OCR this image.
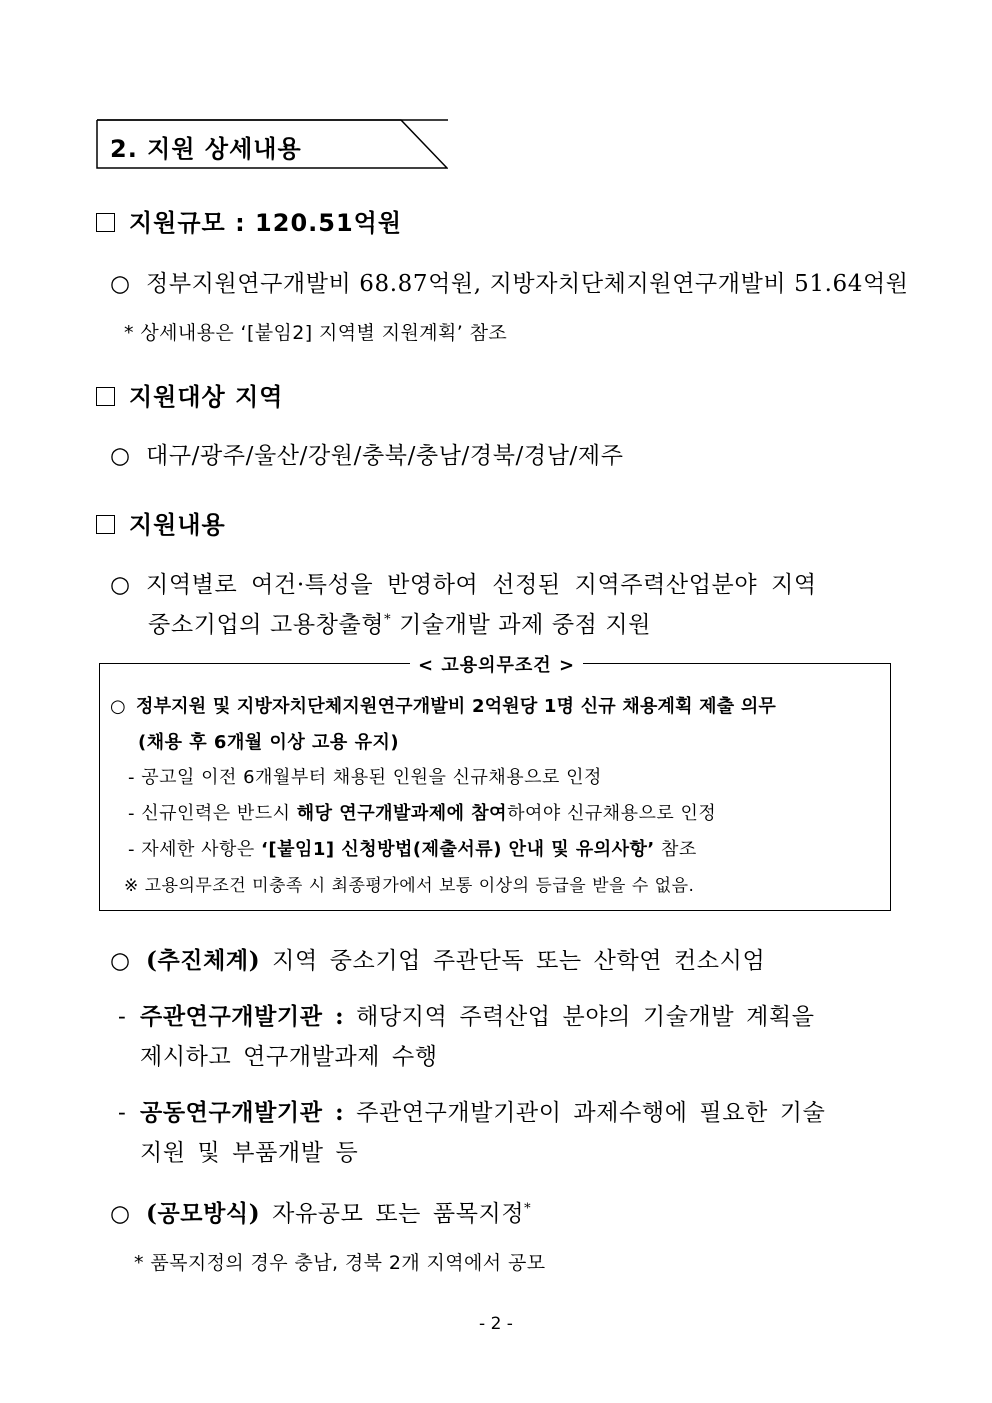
2. 지원 상세내용
지원규모 : 120.51억원
○ 정부지원연구개발비 68.87억원, 지방자치단체지원연구개발비 51.64억원
* 상세내용은 ‘[붙임2] 지역별 지원계획’ 참조
지원대상 지역
○ 대구/광주/울산/강원/충북/충남/경북/경남/제주
지원내용
○ 지역별로 여건·특성을 반영하여 선정된 지역주력산업분야 지역
중소기업의 고용창출형* 기술개발 과제 중점 지원
< 고용의무조건 >
○ 정부지원 및 지방자치단체지원연구개발비 2억원당 1명 신규 채용계획 제출 의무
(채용 후 6개월 이상 고용 유지)
- 공고일 이전 6개월부터 채용된 인원을 신규채용으로 인정
- 신규인력은 반드시 해당 연구개발과제에 참여하여야 신규채용으로 인정
- 자세한 사항은 ‘[붙임1] 신청방법(제출서류) 안내 및 유의사항’ 참조
※ 고용의무조건 미충족 시 최종평가에서 보통 이상의 등급을 받을 수 없음.
○ (추진체계) 지역 중소기업 주관단독 또는 산학연 컨소시엄
- 주관연구개발기관 : 해당지역 주력산업 분야의 기술개발 계획을
제시하고 연구개발과제 수행
- 공동연구개발기관 : 주관연구개발기관이 과제수행에 필요한 기술
지원 및 부품개발 등
○ (공모방식) 자유공모 또는 품목지정*
* 품목지정의 경우 충남, 경북 2개 지역에서 공모
- 2 -
